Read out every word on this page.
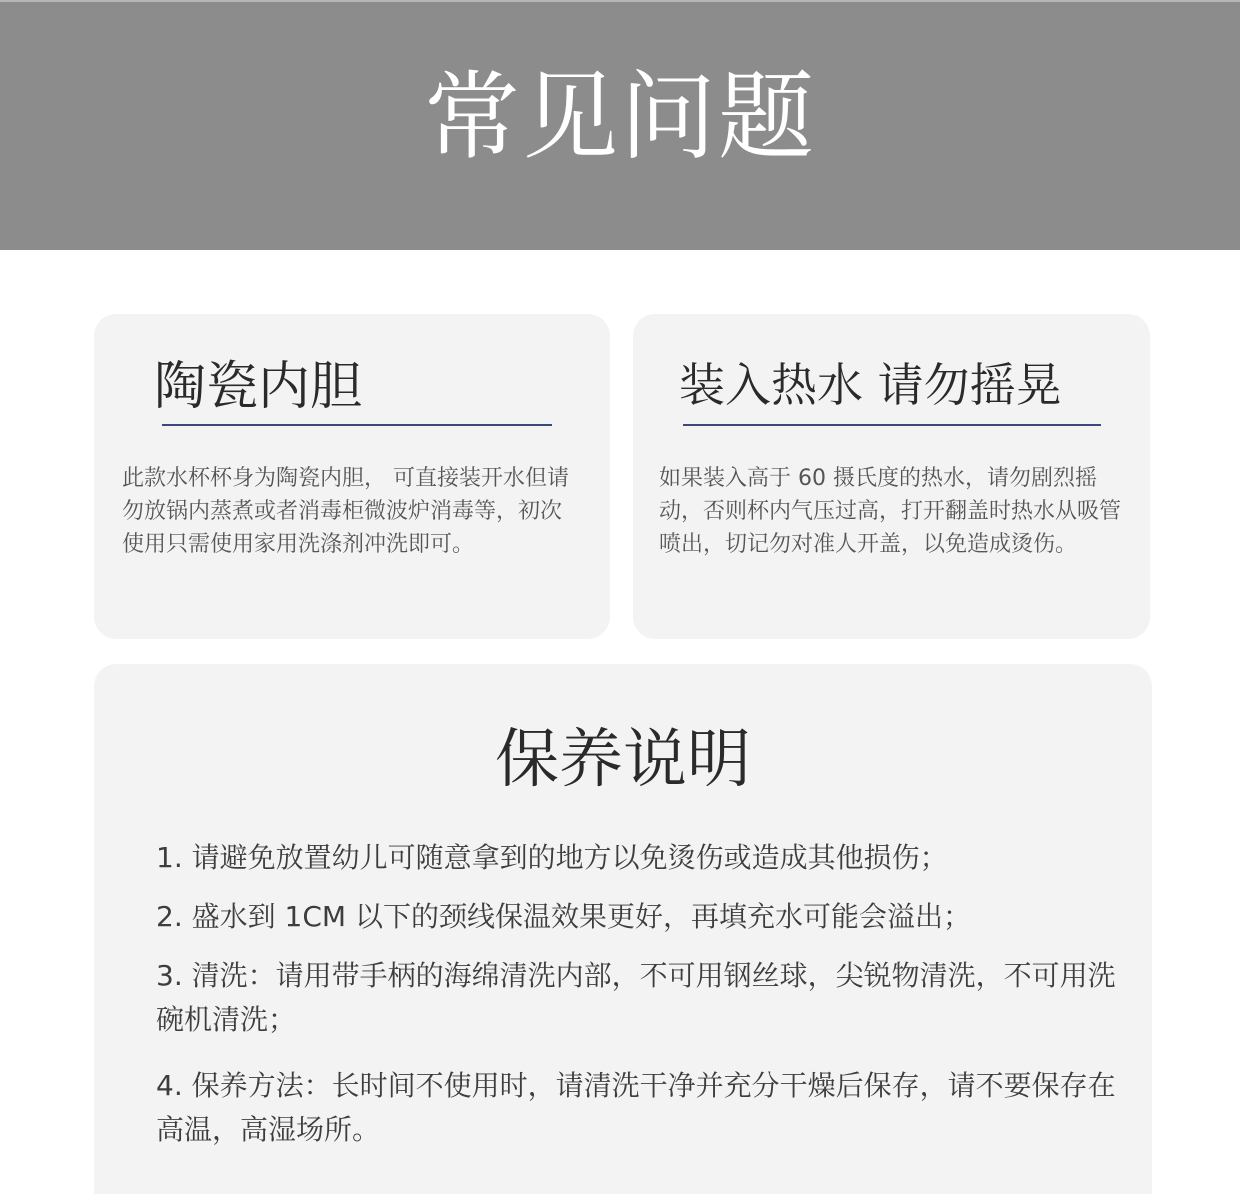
常见问题
陶瓷内胆

此款水杯杯身为陶瓷内胆， 可直接装开水但请勿放锅内蒸煮或者消毒柜微波炉消毒等，初次使用只需使用家用洗涤剂冲洗即可。

装入热水 请勿摇晃

如果装入高于 60 摄氏度的热水，请勿剧烈摇动，否则杯内气压过高，打开翻盖时热水从吸管喷出，切记勿对准人开盖，以免造成烫伤。

保养说明
1. 请避免放置幼儿可随意拿到的地方以免烫伤或造成其他损伤；
2. 盛水到 1CM 以下的颈线保温效果更好，再填充水可能会溢出；
3. 清洗：请用带手柄的海绵清洗内部，不可用钢丝球，尖锐物清洗，不可用洗碗机清洗；
4. 保养方法：长时间不使用时，请清洗干净并充分干燥后保存，请不要保存在高温，高湿场所。
